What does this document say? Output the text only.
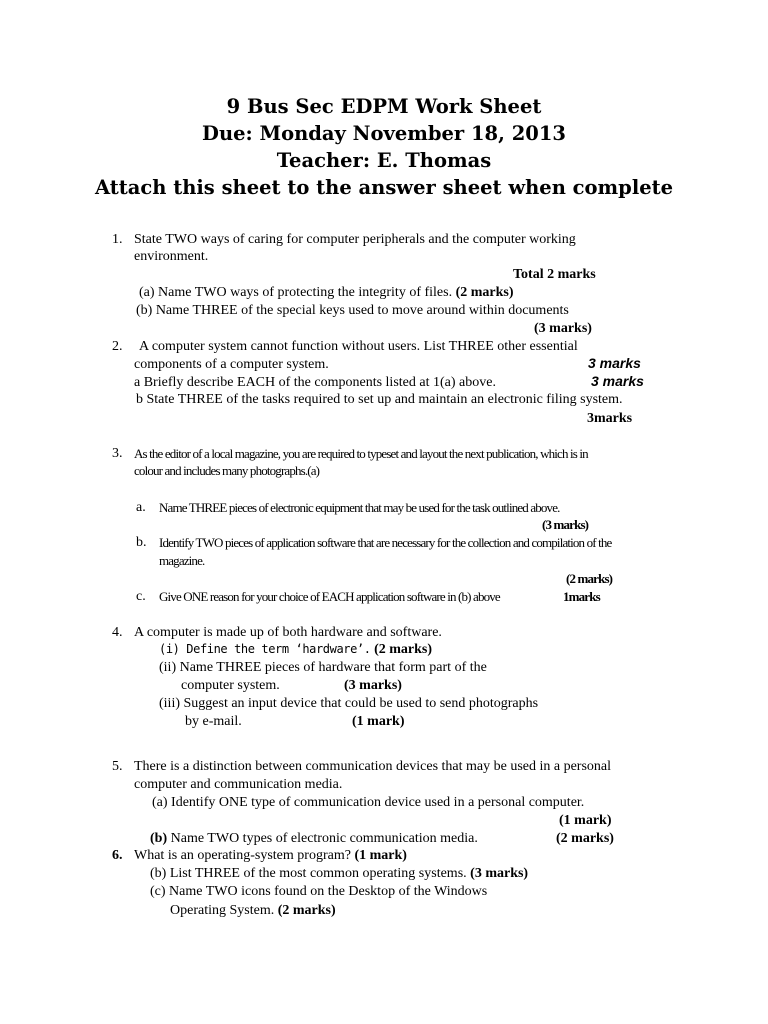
9 Bus Sec EDPM Work Sheet
Due: Monday November 18, 2013
Teacher: E. Thomas
Attach this sheet to the answer sheet when complete
1. State TWO ways of caring for computer peripherals and the computer working
environment.
Total 2 marks
(a) Name TWO ways of protecting the integrity of files. (2 marks)
(b) Name THREE of the special keys used to move around within documents
(3 marks)
2. A computer system cannot function without users. List THREE other essential
components of a computer system.	3 marks
a Briefly describe EACH of the components listed at 1(a) above.	3 marks
b State THREE of the tasks required to set up and maintain an electronic filing system.
3marks
3. As the editor of a local magazine, you are required to typeset and layout the next publication, which is in
colour and includes many photographs.(a)
a. Name THREE pieces of electronic equipment that may be used for the task outlined above.
(3 marks)
b. Identify TWO pieces of application software that are necessary for the collection and compilation of the
magazine.
(2 marks)
c. Give ONE reason for your choice of EACH application software in (b) above	1marks
4. A computer is made up of both hardware and software.
(i) Define the term ‘hardware’. (2 marks)
(ii) Name THREE pieces of hardware that form part of the
computer system.	(3 marks)
(iii) Suggest an input device that could be used to send photographs
by e-mail.	(1 mark)
5. There is a distinction between communication devices that may be used in a personal
computer and communication media.
(a) Identify ONE type of communication device used in a personal computer.
(1 mark)
(b) Name TWO types of electronic communication media.	(2 marks)
6. What is an operating-system program? (1 mark)
(b) List THREE of the most common operating systems. (3 marks)
(c) Name TWO icons found on the Desktop of the Windows
Operating System. (2 marks)
